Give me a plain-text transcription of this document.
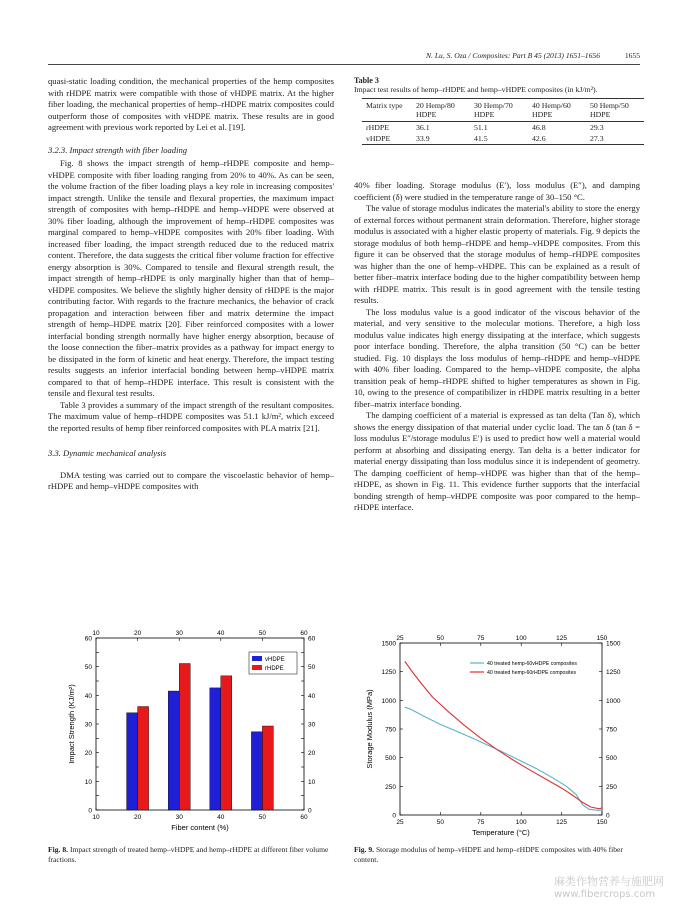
N. Lu, S. Oza / Composites: Part B 45 (2013) 1651–1656	1655

quasi-static loading condition, the mechanical properties of the hemp composites with rHDPE matrix were compatible with those of vHDPE matrix. At the higher fiber loading, the mechanical properties of hemp–rHDPE matrix composites could outperform those of composites with vHDPE matrix. These results are in good agreement with previous work reported by Lei et al. [19].

3.2.3. Impact strength with fiber loading

Fig. 8 shows the impact strength of hemp–rHDPE composite and hemp–vHDPE composite with fiber loading ranging from 20% to 40%. As can be seen, the volume fraction of the fiber loading plays a key role in increasing composites' impact strength. Unlike the tensile and flexural properties, the maximum impact strength of composites with hemp–rHDPE and hemp–vHDPE were observed at 30% fiber loading, although the improvement of hemp–rHDPE composites was marginal compared to hemp–vHDPE composites with 20% fiber loading. With increased fiber loading, the impact strength reduced due to the reduced matrix content. Therefore, the data suggests the critical fiber volume fraction for effective energy absorption is 30%. Compared to tensile and flexural strength result, the impact strength of hemp–rHDPE is only marginally higher than that of hemp–vHDPE composites. We believe the slightly higher density of rHDPE is the major contributing factor. With regards to the fracture mechanics, the behavior of crack propagation and interaction between fiber and matrix determine the impact strength of hemp–HDPE matrix [20]. Fiber reinforced composites with a lower interfacial bonding strength normally have higher energy absorption, because of the loose connection the fiber–matrix provides as a pathway for impact energy to be dissipated in the form of kinetic and heat energy. Therefore, the impact testing results suggests an inferior interfacial bonding between hemp–vHDPE matrix compared to that of hemp–rHDPE interface. This result is consistent with the tensile and flexural test results.

Table 3 provides a summary of the impact strength of the resultant composites. The maximum value of hemp–rHDPE composites was 51.1 kJ/m², which exceed the reported results of hemp fiber reinforced composites with PLA matrix [21].

3.3. Dynamic mechanical analysis

DMA testing was carried out to compare the viscoelastic behavior of hemp–rHDPE and hemp–vHDPE composites with

Table 3
Impact test results of hemp–rHDPE and hemp–vHDPE composites (in kJ/m²).
Matrix type	20 Hemp/80 HDPE	30 Hemp/70 HDPE	40 Hemp/60 HDPE	50 Hemp/50 HDPE
rHDPE	36.1	51.1	46.8	29.3
vHDPE	33.9	41.5	42.6	27.3

40% fiber loading. Storage modulus (E′), loss modulus (E″), and damping coefficient (δ) were studied in the temperature range of 30–150 °C.

The value of storage modulus indicates the material's ability to store the energy of external forces without permanent strain deformation. Therefore, higher storage modulus is associated with a higher elastic property of materials. Fig. 9 depicts the storage modulus of both hemp–rHDPE and hemp–vHDPE composites. From this figure it can be observed that the storage modulus of hemp–rHDPE composites was higher than the one of hemp–vHDPE. This can be explained as a result of better fiber–matrix interface boding due to the higher compatibility between hemp with rHDPE matrix. This result is in good agreement with the tensile testing results.

The loss modulus value is a good indicator of the viscous behavior of the material, and very sensitive to the molecular motions. Therefore, a high loss modulus value indicates high energy dissipating at the interface, which suggests poor interface bonding. Therefore, the alpha transition (50 °C) can be better studied. Fig. 10 displays the loss modulus of hemp–rHDPE and hemp–vHDPE with 40% fiber loading. Compared to the hemp–vHDPE composite, the alpha transition peak of hemp–rHDPE shifted to higher temperatures as shown in Fig. 10, owing to the presence of compatibilizer in rHDPE matrix resulting in a better fiber–matrix interface bonding.

The damping coefficient of a material is expressed as tan delta (Tan δ), which shows the energy dissipation of that material under cyclic load. The tan δ (tan δ = loss modulus E″/storage modulus E′) is used to predict how well a material would perform at absorbing and dissipating energy. Tan delta is a better indicator for material energy dissipating than loss modulus since it is independent of geometry. The damping coefficient of hemp–vHDPE was higher than that of the hemp–rHDPE, as shown in Fig. 11. This evidence further supports that the interfacial bonding strength of hemp–vHDPE composite was poor compared to the hemp–rHDPE interface.

10
10
20
20
30
30
40
40
50
50
60
60
0	0
10	10
20	20
30	30
40	40
50	50
60	60
vHDPE
rHDPE
Fiber content (%)
Impact Strength (KJ/m²)
Fig. 8. Impact strength of treated hemp–vHDPE and hemp–rHDPE at different fiber volume fractions.
25
25
50
50
75
75
100
100
125
125
150
150
0	0
250	250
500	500
750	750
1000	1000
1250	1250
1500	1500
40 treated hemp-60vHDPE composites
40 treated hemp-60rHDPE composites
Temperature (°C)
Storage Modulus (MPa)
Fig. 9. Storage modulus of hemp–vHDPE and hemp–rHDPE composites with 40% fiber content.
麻类作物营养与施肥网
www.fibercrops.com
